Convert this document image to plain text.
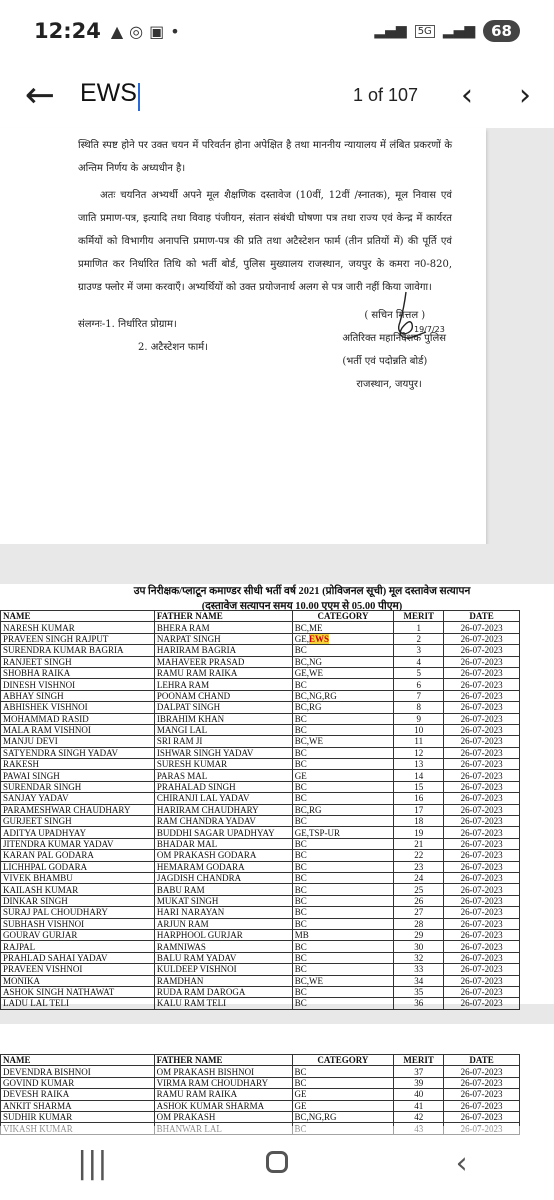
12:24 ▲ ◎ ▣ •	▂▄▆	5G ▂▄▆	68
← EWS	1 of 107	‹	›

स्थिति स्पष्ट होने पर उक्त चयन में परिवर्तन होना अपेक्षित है तथा माननीय न्यायालय में लंबित प्रकरणों के अन्तिम निर्णय के अध्यधीन है।

अतः चयनित अभ्यर्थी अपने मूल शैक्षणिक दस्तावेज (10वीं, 12वीं /स्नातक), मूल निवास एवं जाति प्रमाण-पत्र, इत्यादि तथा विवाह पंजीयन, संतान संबंधी घोषणा पत्र तथा राज्य एवं केन्द्र में कार्यरत कर्मियों को विभागीय अनापत्ति प्रमाण-पत्र की प्रति तथा अटैस्टेशन फार्म (तीन प्रतियों में) की पूर्ति एवं प्रमाणित कर निर्धारित तिथि को भर्ती बोर्ड, पुलिस मुख्यालय राजस्थान, जयपुर के कमरा न0-820, ग्राउण्ड फ्लोर में जमा करवाएँ। अभ्यर्थियों को उक्त प्रयोजनार्थ अलग से पत्र जारी नहीं किया जावेगा।

संलग्नः-1. निर्धारित प्रोग्राम।
2. अटैस्टेशन फार्म।
19/7/23
( सचिन मित्तल )
अतिरिक्त महानिदेशक पुलिस
(भर्ती एवं पदोन्नति बोर्ड)
राजस्थान, जयपुर।
उप निरीक्षक/प्लाटून कमाण्डर सीधी भर्ती वर्ष 2021 (प्रोविजनल सूची) मूल दस्तावेज सत्यापन
(दस्तावेज सत्यापन समय 10.00 एएम से 05.00 पीएम)
NAME	FATHER NAME	CATEGORY	MERIT	DATE
NARESH KUMAR	BHERA RAM	BC,ME	1	26-07-2023
PRAVEEN SINGH RAJPUT	NARPAT SINGH	GE,EWS	2	26-07-2023
SURENDRA KUMAR BAGRIA	HARIRAM BAGRIA	BC	3	26-07-2023
RANJEET SINGH	MAHAVEER PRASAD	BC,NG	4	26-07-2023
SHOBHA RAIKA	RAMU RAM RAIKA	GE,WE	5	26-07-2023
DINESH VISHNOI	LEHRA RAM	BC	6	26-07-2023
ABHAY SINGH	POONAM CHAND	BC,NG,RG	7	26-07-2023
ABHISHEK VISHNOI	DALPAT SINGH	BC,RG	8	26-07-2023
MOHAMMAD RASID	IBRAHIM KHAN	BC	9	26-07-2023
MALA RAM VISHNOI	MANGI LAL	BC	10	26-07-2023
MANJU DEVI	SRI RAM JI	BC,WE	11	26-07-2023
SATYENDRA SINGH YADAV	ISHWAR SINGH YADAV	BC	12	26-07-2023
RAKESH	SURESH KUMAR	BC	13	26-07-2023
PAWAI SINGH	PARAS MAL	GE	14	26-07-2023
SURENDAR SINGH	PRAHALAD SINGH	BC	15	26-07-2023
SANJAY YADAV	CHIRANJI LAL YADAV	BC	16	26-07-2023
PARAMESHWAR CHAUDHARY	HARIRAM CHAUDHARY	BC,RG	17	26-07-2023
GURJEET SINGH	RAM CHANDRA YADAV	BC	18	26-07-2023
ADITYA UPADHYAY	BUDDHI SAGAR UPADHYAY	GE,TSP-UR	19	26-07-2023
JITENDRA KUMAR YADAV	BHADAR MAL	BC	21	26-07-2023
KARAN PAL GODARA	OM PRAKASH GODARA	BC	22	26-07-2023
LICHHPAL GODARA	HEMARAM GODARA	BC	23	26-07-2023
VIVEK BHAMBU	JAGDISH CHANDRA	BC	24	26-07-2023
KAILASH KUMAR	BABU RAM	BC	25	26-07-2023
DINKAR SINGH	MUKAT SINGH	BC	26	26-07-2023
SURAJ PAL CHOUDHARY	HARI NARAYAN	BC	27	26-07-2023
SUBHASH VISHNOI	ARJUN RAM	BC	28	26-07-2023
GOURAV GURJAR	HARPHOOL GURJAR	MB	29	26-07-2023
RAJPAL	RAMNIWAS	BC	30	26-07-2023
PRAHLAD SAHAI YADAV	BALU RAM YADAV	BC	32	26-07-2023
PRAVEEN VISHNOI	KULDEEP VISHNOI	BC	33	26-07-2023
MONIKA	RAMDHAN	BC,WE	34	26-07-2023
ASHOK SINGH NATHAWAT	RUDA RAM DAROGA	BC	35	26-07-2023
LADU LAL TELI	KALU RAM TELI	BC	36	26-07-2023
NAME	FATHER NAME	CATEGORY	MERIT	DATE
DEVENDRA BISHNOI	OM PRAKASH BISHNOI	BC	37	26-07-2023
GOVIND KUMAR	VIRMA RAM CHOUDHARY	BC	39	26-07-2023
DEVESH RAIKA	RAMU RAM RAIKA	GE	40	26-07-2023
ANKIT SHARMA	ASHOK KUMAR SHARMA	GE	41	26-07-2023
SUDHIR KUMAR	OM PRAKASH	BC,NG,RG	42	26-07-2023

|||	‹
